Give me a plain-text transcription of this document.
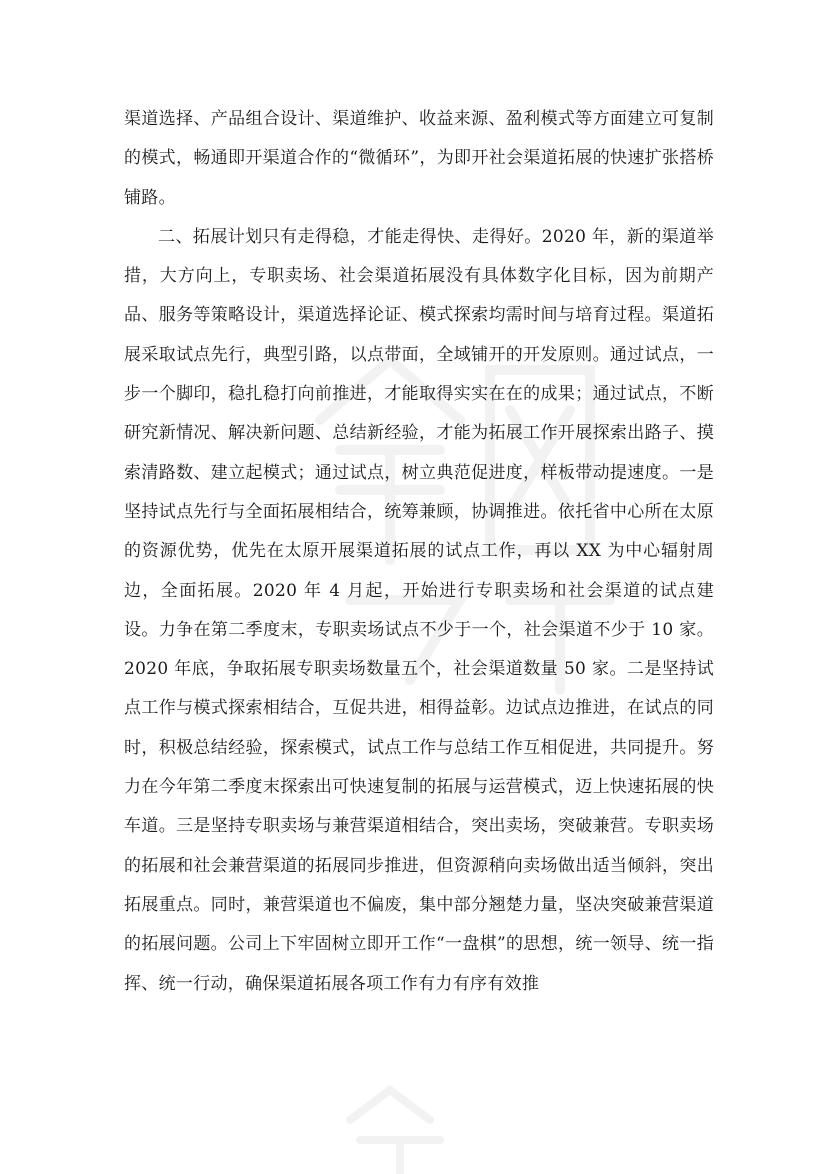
渠道选择、产品组合设计、渠道维护、收益来源、盈利模式等方面建立可复制的模式，畅通即开渠道合作的“微循环”，为即开社会渠道拓展的快速扩张搭桥铺路。

二、拓展计划只有走得稳，才能走得快、走得好。2020 年，新的渠道举措，大方向上，专职卖场、社会渠道拓展没有具体数字化目标，因为前期产品、服务等策略设计，渠道选择论证、模式探索均需时间与培育过程。渠道拓展采取试点先行，典型引路，以点带面，全域铺开的开发原则。通过试点，一步一个脚印，稳扎稳打向前推进，才能取得实实在在的成果；通过试点，不断研究新情况、解决新问题、总结新经验，才能为拓展工作开展探索出路子、摸索清路数、建立起模式；通过试点，树立典范促进度，样板带动提速度。一是坚持试点先行与全面拓展相结合，统筹兼顾，协调推进。依托省中心所在太原的资源优势，优先在太原开展渠道拓展的试点工作，再以 XX 为中心辐射周边，全面拓展。2020 年 4 月起，开始进行专职卖场和社会渠道的试点建设。力争在第二季度末，专职卖场试点不少于一个，社会渠道不少于 10 家。2020 年底，争取拓展专职卖场数量五个，社会渠道数量 50 家。二是坚持试点工作与模式探索相结合，互促共进，相得益彰。边试点边推进，在试点的同时，积极总结经验，探索模式，试点工作与总结工作互相促进，共同提升。努力在今年第二季度末探索出可快速复制的拓展与运营模式，迈上快速拓展的快车道。三是坚持专职卖场与兼营渠道相结合，突出卖场，突破兼营。专职卖场的拓展和社会兼营渠道的拓展同步推进，但资源稍向卖场做出适当倾斜，突出拓展重点。同时，兼营渠道也不偏废，集中部分翘楚力量，坚决突破兼营渠道的拓展问题。公司上下牢固树立即开工作“一盘棋”的思想，统一领导、统一指挥、统一行动，确保渠道拓展各项工作有力有序有效推
